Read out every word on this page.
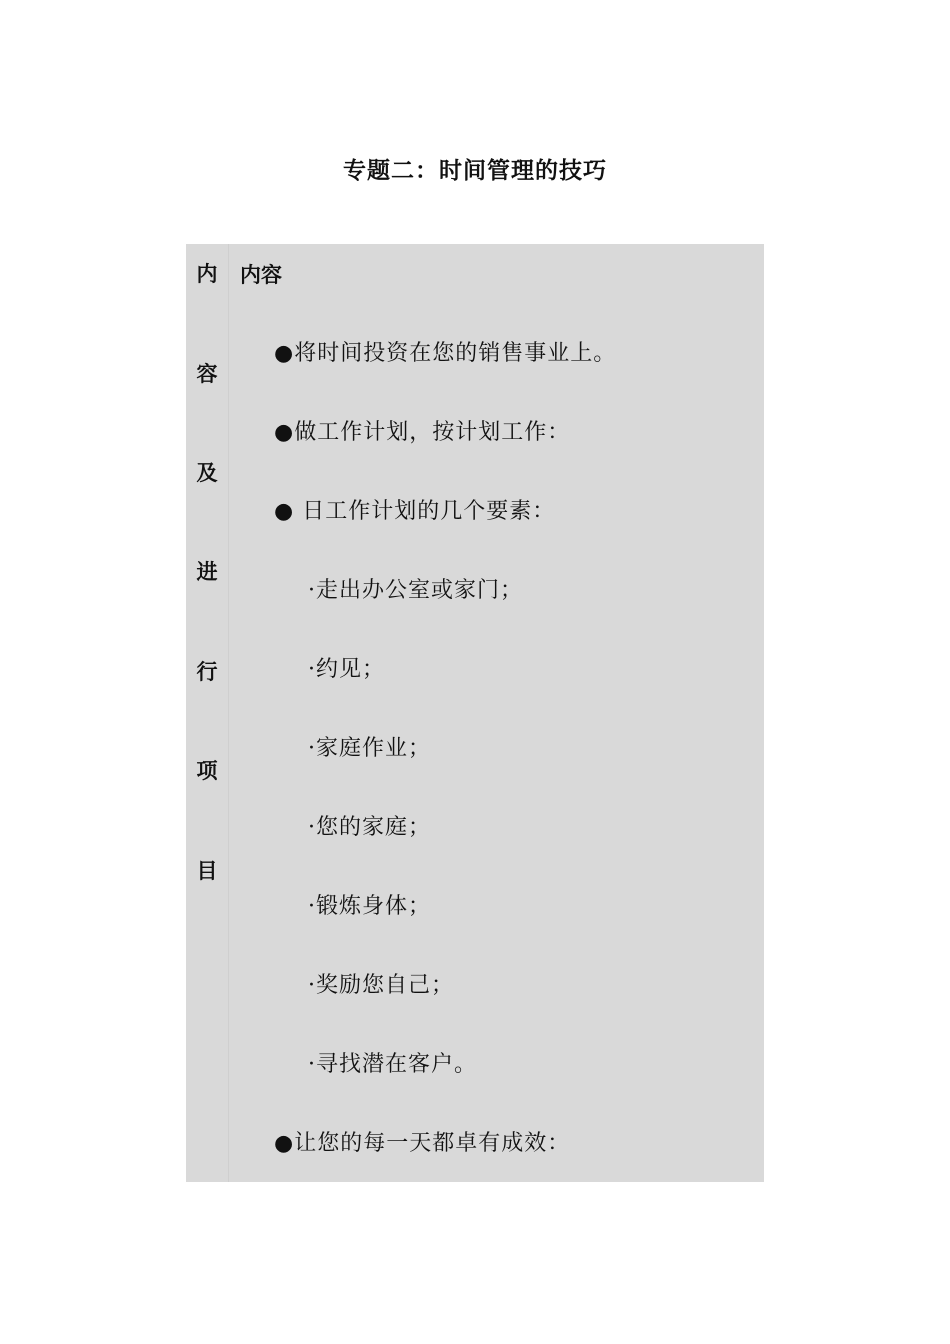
专题二：时间管理的技巧
内
容
及
进
行
项
目
内容
●将时间投资在您的销售事业上。
●做工作计划，按计划工作：
● 日工作计划的几个要素：
·走出办公室或家门；
·约见；
·家庭作业；
·您的家庭；
·锻炼身体；
·奖励您自己；
·寻找潜在客户。
●让您的每一天都卓有成效：
